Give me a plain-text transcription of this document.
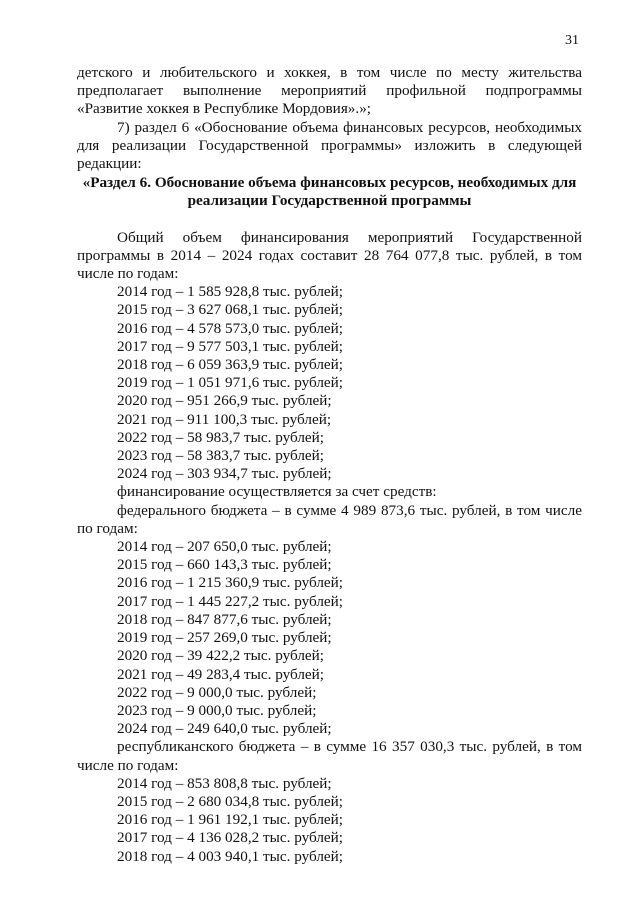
31

детского и любительского и хоккея, в том числе по месту жительства

предполагает выполнение мероприятий профильной подпрограммы

«Развитие хоккея в Республике Мордовия».»;

7) раздел 6 «Обоснование объема финансовых ресурсов, необходимых

для реализации Государственной программы» изложить в следующей

редакции:

«Раздел 6. Обоснование объема финансовых ресурсов, необходимых для
реализации Государственной программы

Общий объем финансирования мероприятий Государственной

программы в 2014 – 2024 годах составит 28 764 077,8 тыс. рублей, в том

числе по годам:

2014 год – 1 585 928,8 тыс. рублей;
2015 год – 3 627 068,1 тыс. рублей;
2016 год – 4 578 573,0 тыс. рублей;
2017 год – 9 577 503,1 тыс. рублей;
2018 год – 6 059 363,9 тыс. рублей;
2019 год – 1 051 971,6 тыс. рублей;
2020 год – 951 266,9 тыс. рублей;
2021 год – 911 100,3 тыс. рублей;
2022 год – 58 983,7 тыс. рублей;
2023 год – 58 383,7 тыс. рублей;
2024 год – 303 934,7 тыс. рублей;

финансирование осуществляется за счет средств:

федерального бюджета – в сумме 4 989 873,6 тыс. рублей, в том числе

по годам:

2014 год – 207 650,0 тыс. рублей;
2015 год – 660 143,3 тыс. рублей;
2016 год – 1 215 360,9 тыс. рублей;
2017 год – 1 445 227,2 тыс. рублей;
2018 год – 847 877,6 тыс. рублей;
2019 год – 257 269,0 тыс. рублей;
2020 год – 39 422,2 тыс. рублей;
2021 год – 49 283,4 тыс. рублей;
2022 год – 9 000,0 тыс. рублей;
2023 год – 9 000,0 тыс. рублей;
2024 год – 249 640,0 тыс. рублей;

республиканского бюджета – в сумме 16 357 030,3 тыс. рублей, в том

числе по годам:

2014 год – 853 808,8 тыс. рублей;
2015 год – 2 680 034,8 тыс. рублей;
2016 год – 1 961 192,1 тыс. рублей;
2017 год – 4 136 028,2 тыс. рублей;
2018 год – 4 003 940,1 тыс. рублей;
